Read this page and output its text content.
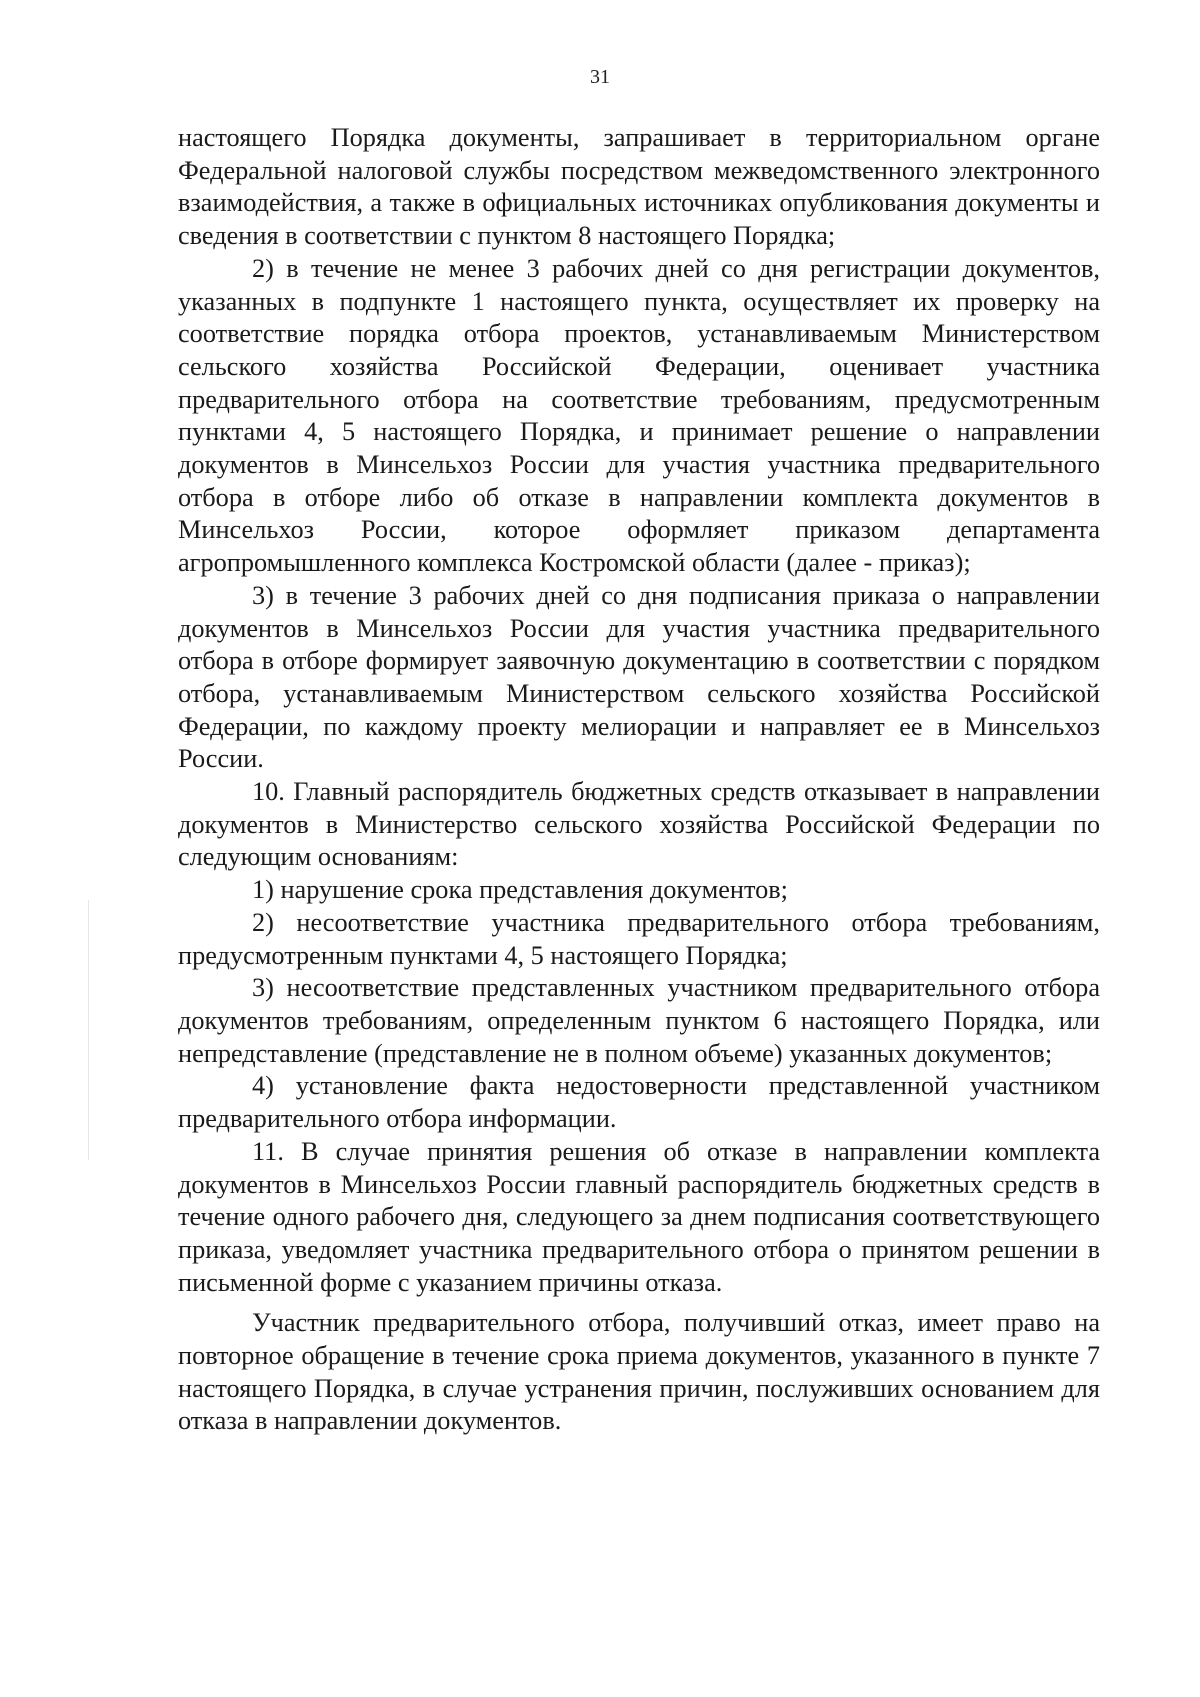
31

настоящего Порядка документы, запрашивает в территориальном органе Федеральной налоговой службы посредством межведомственного электронного взаимодействия, а также в официальных источниках опубликования документы и сведения в соответствии с пунктом 8 настоящего Порядка;

2) в течение не менее 3 рабочих дней со дня регистрации документов, указанных в подпункте 1 настоящего пункта, осуществляет их проверку на соответствие порядка отбора проектов, устанавливаемым Министерством сельского хозяйства Российской Федерации, оценивает участника предварительного отбора на соответствие требованиям, предусмотренным пунктами 4, 5 настоящего Порядка, и принимает решение о направлении документов в Минсельхоз России для участия участника предварительного отбора в отборе либо об отказе в направлении комплекта документов в Минсельхоз России, которое оформляет приказом департамента агропромышленного комплекса Костромской области (далее - приказ);

3) в течение 3 рабочих дней со дня подписания приказа о направлении документов в Минсельхоз России для участия участника предварительного отбора в отборе формирует заявочную документацию в соответствии с порядком отбора, устанавливаемым Министерством сельского хозяйства Российской Федерации, по каждому проекту мелиорации и направляет ее в Минсельхоз России.

10. Главный распорядитель бюджетных средств отказывает в направлении документов в Министерство сельского хозяйства Российской Федерации по следующим основаниям:

1) нарушение срока представления документов;

2) несоответствие участника предварительного отбора требованиям, предусмотренным пунктами 4, 5 настоящего Порядка;

3) несоответствие представленных участником предварительного отбора документов требованиям, определенным пунктом 6 настоящего Порядка, или непредставление (представление не в полном объеме) указанных документов;

4) установление факта недостоверности представленной участником предварительного отбора информации.

11. В случае принятия решения об отказе в направлении комплекта документов в Минсельхоз России главный распорядитель бюджетных средств в течение одного рабочего дня, следующего за днем подписания соответствующего приказа, уведомляет участника предварительного отбора о принятом решении в письменной форме с указанием причины отказа.

Участник предварительного отбора, получивший отказ, имеет право на повторное обращение в течение срока приема документов, указанного в пункте 7 настоящего Порядка, в случае устранения причин, послуживших основанием для отказа в направлении документов.
